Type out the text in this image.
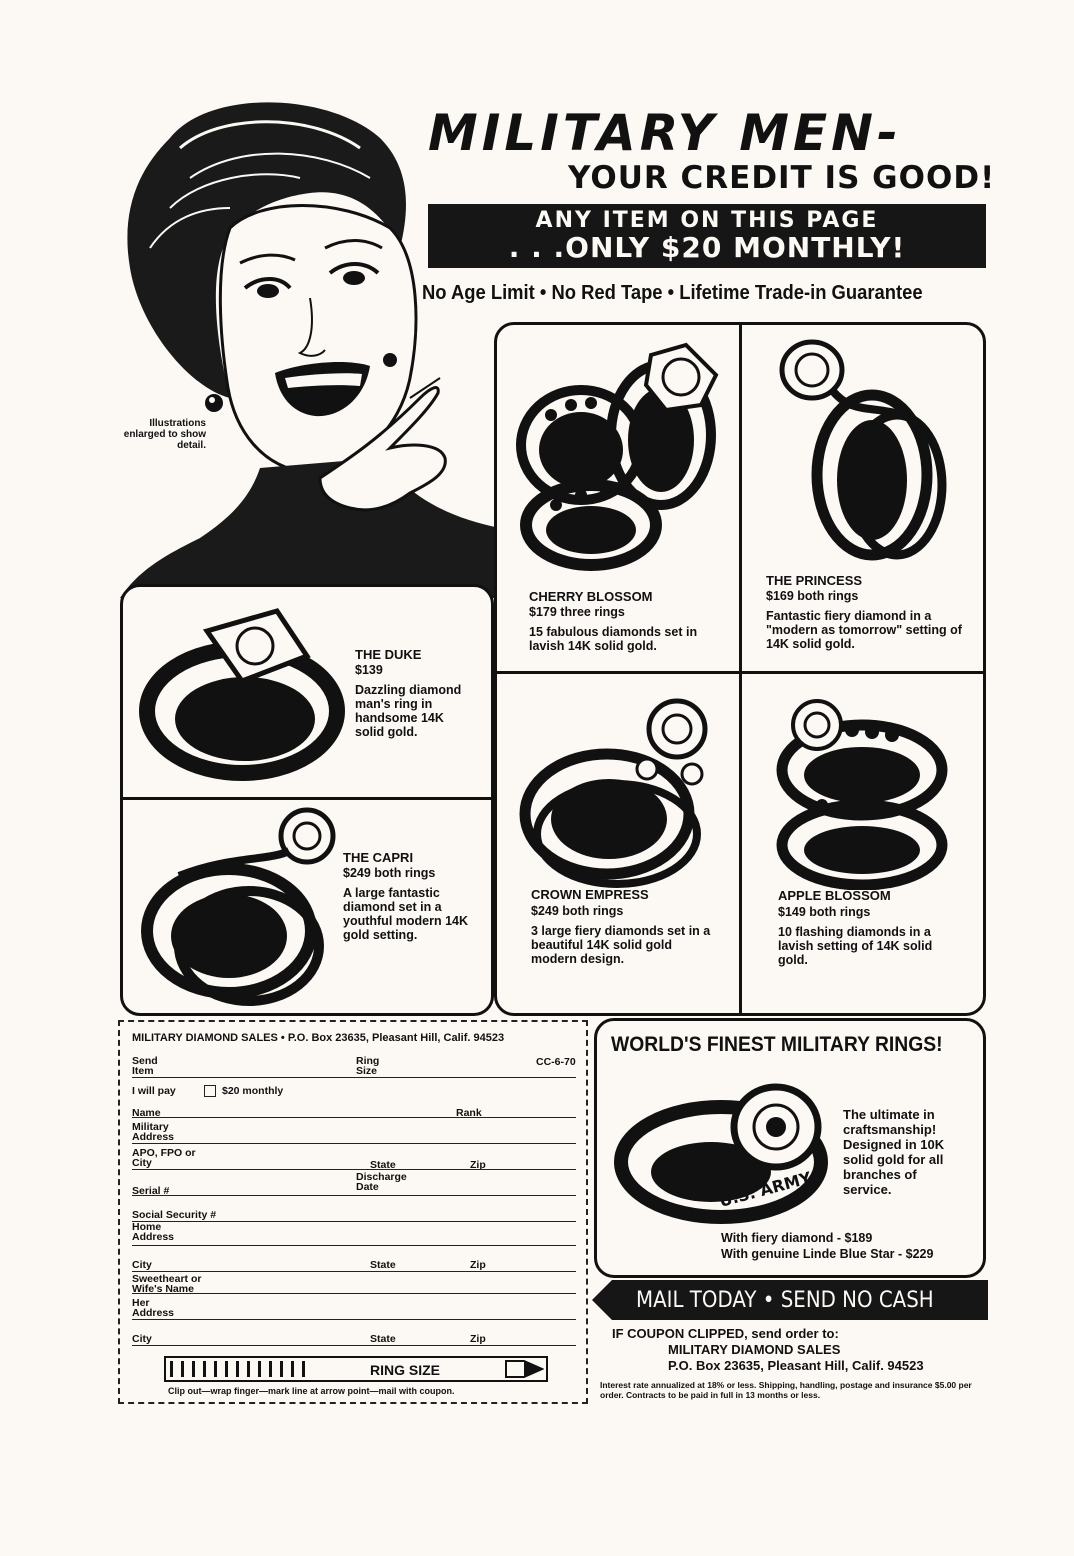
Illustrations enlarged to show detail.
MILITARY MEN-
YOUR CREDIT IS GOOD!
ANY ITEM ON THIS PAGE
. . .ONLY $20 MONTHLY!
No Age Limit • No Red Tape • Lifetime Trade-in Guarantee
CHERRY BLOSSOM
$179 three rings
15 fabulous diamonds set in lavish 14K solid gold.
THE PRINCESS
$169 both rings
Fantastic fiery diamond in a "modern as tomorrow" setting of 14K solid gold.
CROWN EMPRESS
$249 both rings
3 large fiery diamonds set in a beautiful 14K solid gold modern design.
APPLE BLOSSOM
$149 both rings
10 flashing diamonds in a lavish setting of 14K solid gold.
THE DUKE
$139
Dazzling diamond man's ring in handsome 14K solid gold.
THE CAPRI
$249 both rings
A large fantastic diamond set in a youthful modern 14K gold setting.
MILITARY DIAMOND SALES • P.O. Box 23635, Pleasant Hill, Calif. 94523
CC-6-70
Send Item
Ring Size
I will pay	$20 monthly
Name	Rank
Military Address
APO, FPO or City	State	Zip
Serial #
Discharge Date
Social Security #
Home Address
City	State	Zip
Sweetheart or Wife's Name
Her Address
City	State	Zip
RING SIZE
Clip out—wrap finger—mark line at arrow point—mail with coupon.
WORLD'S FINEST MILITARY RINGS!
U.S. ARMY
The ultimate in craftsmanship! Designed in 10K solid gold for all branches of service.
With fiery diamond - $189
With genuine Linde Blue Star - $229
MAIL TODAY • SEND NO CASH
IF COUPON CLIPPED, send order to:
MILITARY DIAMOND SALES
P.O. Box 23635, Pleasant Hill, Calif. 94523
Interest rate annualized at 18% or less. Shipping, handling, postage and insurance $5.00 per order. Contracts to be paid in full in 13 months or less.
